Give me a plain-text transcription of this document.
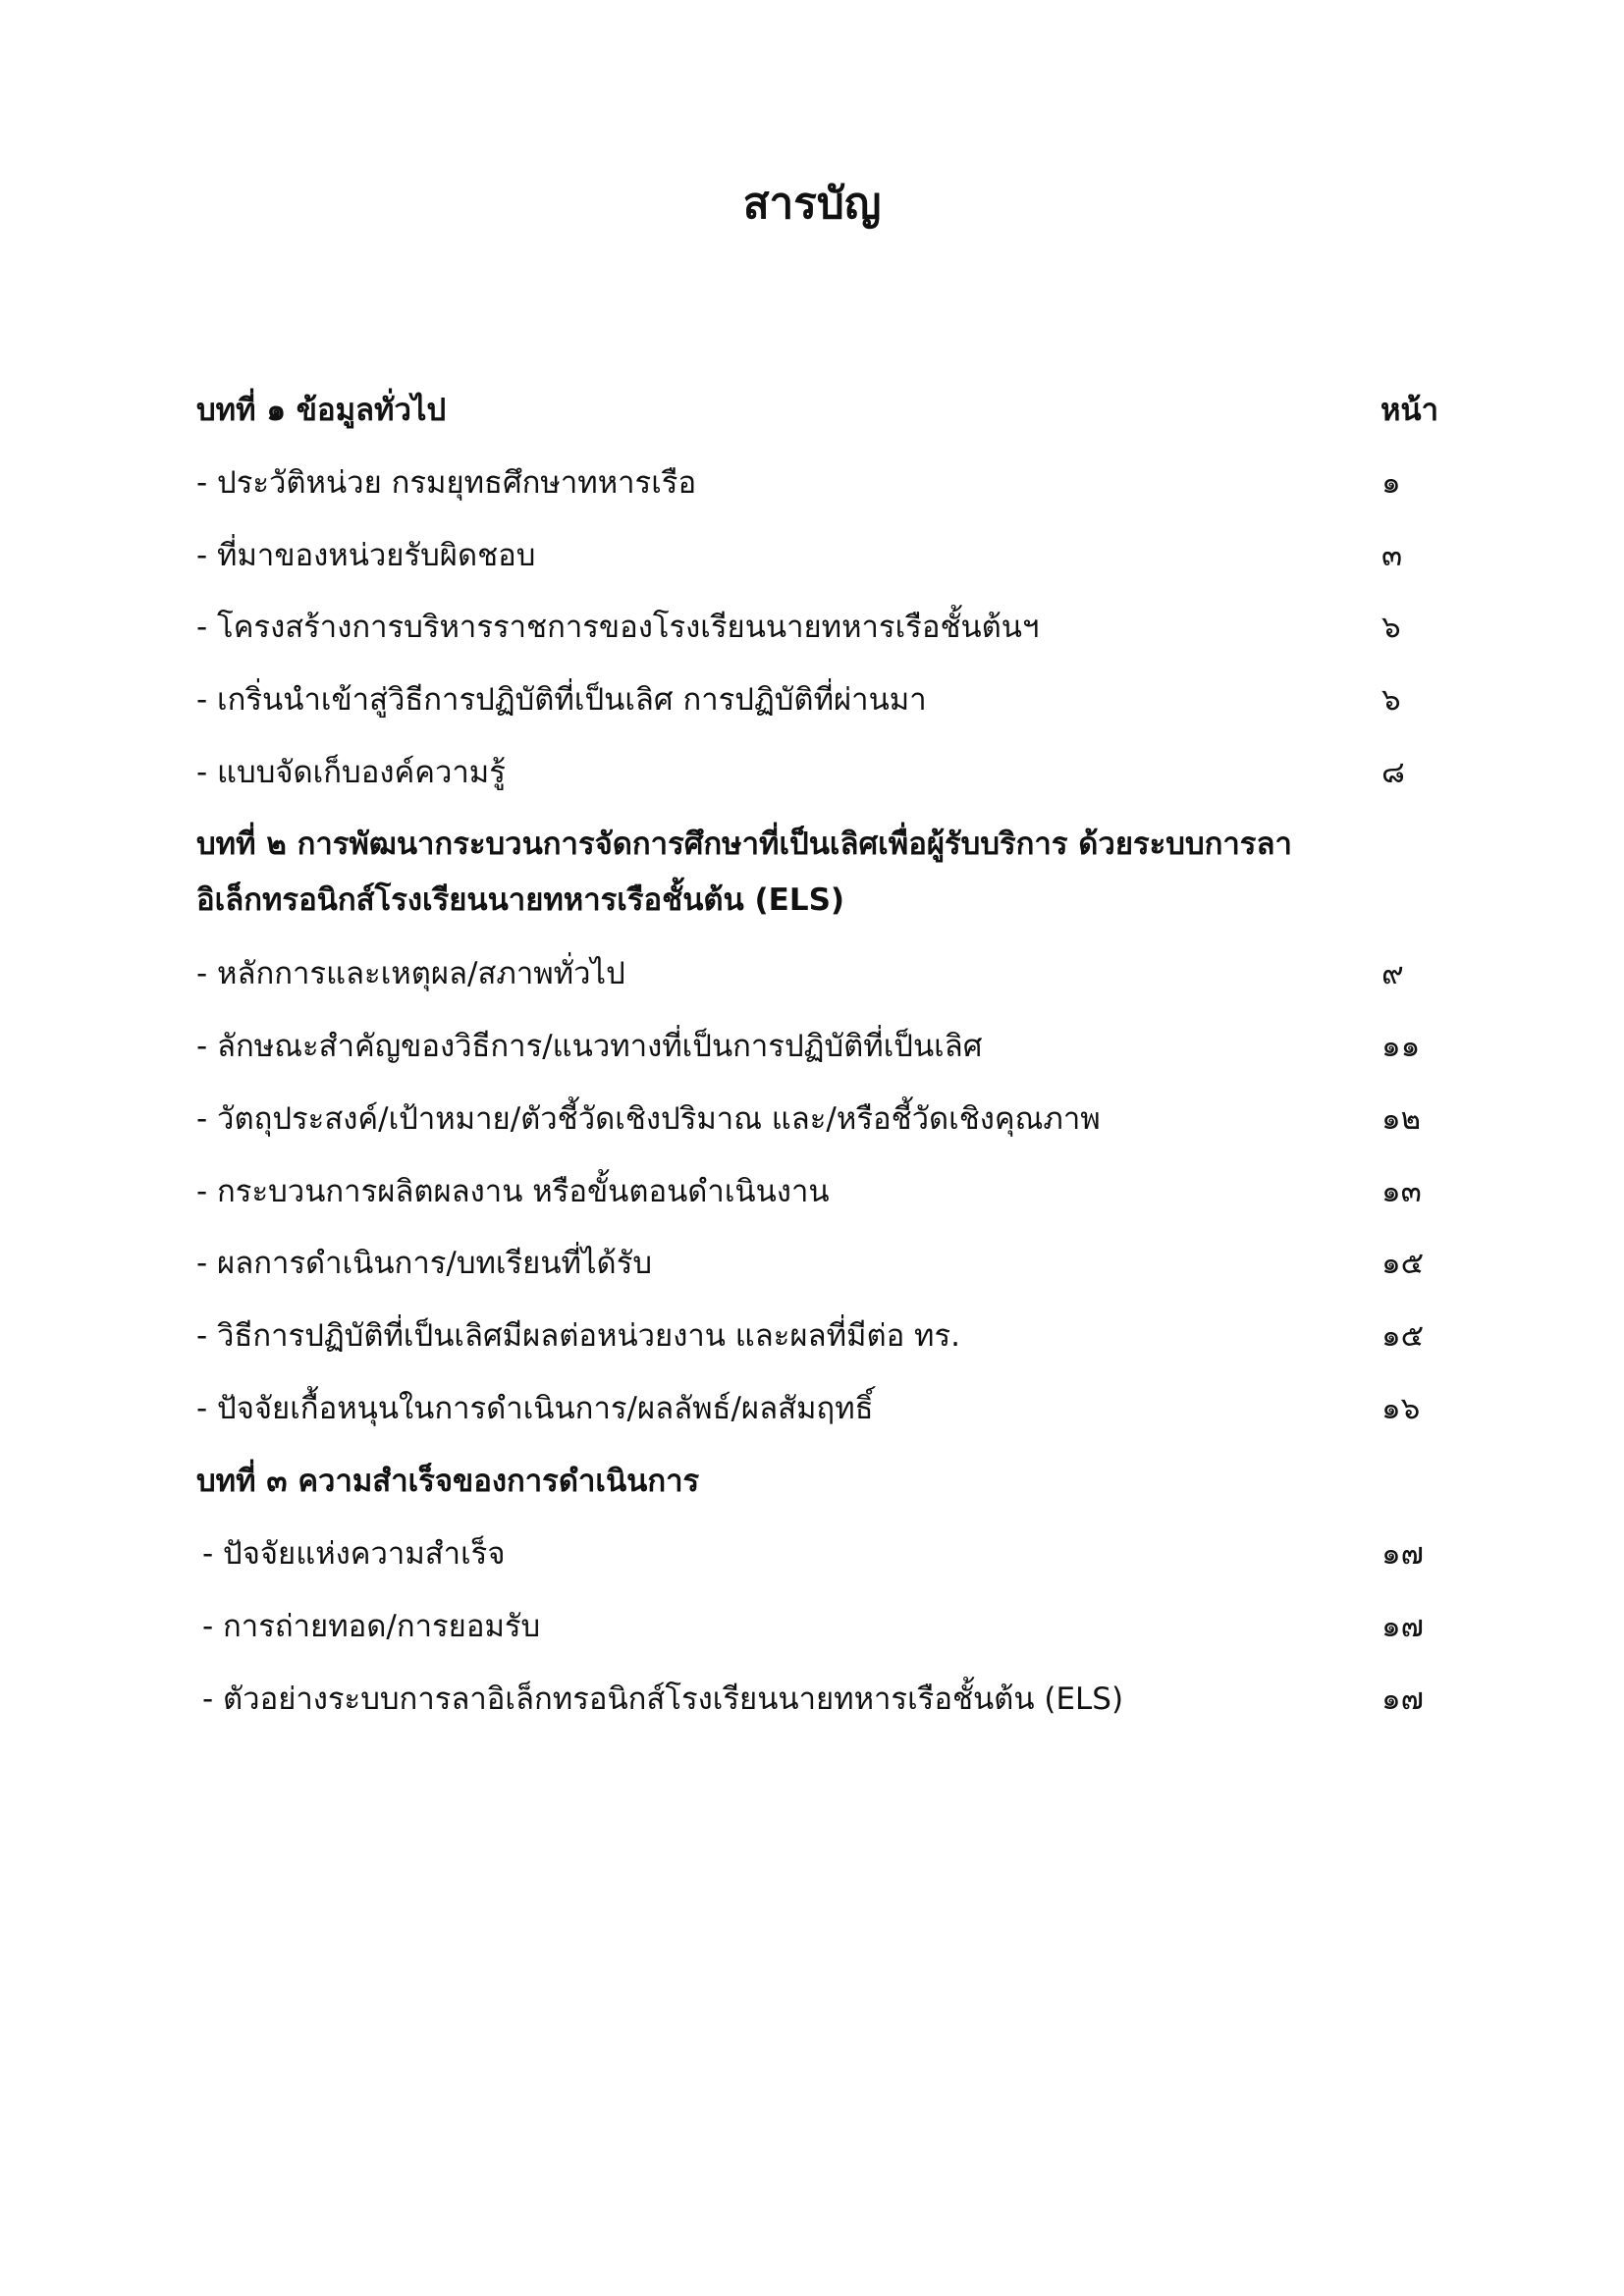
สารบัญ
บทที่ ๑ ข้อมูลทั่วไป	หน้า
- ประวัติหน่วย กรมยุทธศึกษาทหารเรือ	๑
- ที่มาของหน่วยรับผิดชอบ	๓
- โครงสร้างการบริหารราชการของโรงเรียนนายทหารเรือชั้นต้นฯ	๖
- เกริ่นนำเข้าสู่วิธีการปฏิบัติที่เป็นเลิศ การปฏิบัติที่ผ่านมา	๖
- แบบจัดเก็บองค์ความรู้	๘
บทที่ ๒ การพัฒนากระบวนการจัดการศึกษาที่เป็นเลิศเพื่อผู้รับบริการ ด้วยระบบการลา
อิเล็กทรอนิกส์โรงเรียนนายทหารเรือชั้นต้น (ELS)
- หลักการและเหตุผล/สภาพทั่วไป	๙
- ลักษณะสำคัญของวิธีการ/แนวทางที่เป็นการปฏิบัติที่เป็นเลิศ	๑๑
- วัตถุประสงค์/เป้าหมาย/ตัวชี้วัดเชิงปริมาณ และ/หรือชี้วัดเชิงคุณภาพ	๑๒
- กระบวนการผลิตผลงาน หรือขั้นตอนดำเนินงาน	๑๓
- ผลการดำเนินการ/บทเรียนที่ได้รับ	๑๕
- วิธีการปฏิบัติที่เป็นเลิศมีผลต่อหน่วยงาน และผลที่มีต่อ ทร.	๑๕
- ปัจจัยเกื้อหนุนในการดำเนินการ/ผลลัพธ์/ผลสัมฤทธิ์	๑๖
บทที่ ๓ ความสำเร็จของการดำเนินการ
- ปัจจัยแห่งความสำเร็จ	๑๗
- การถ่ายทอด/การยอมรับ	๑๗
- ตัวอย่างระบบการลาอิเล็กทรอนิกส์โรงเรียนนายทหารเรือชั้นต้น (ELS)	๑๗
